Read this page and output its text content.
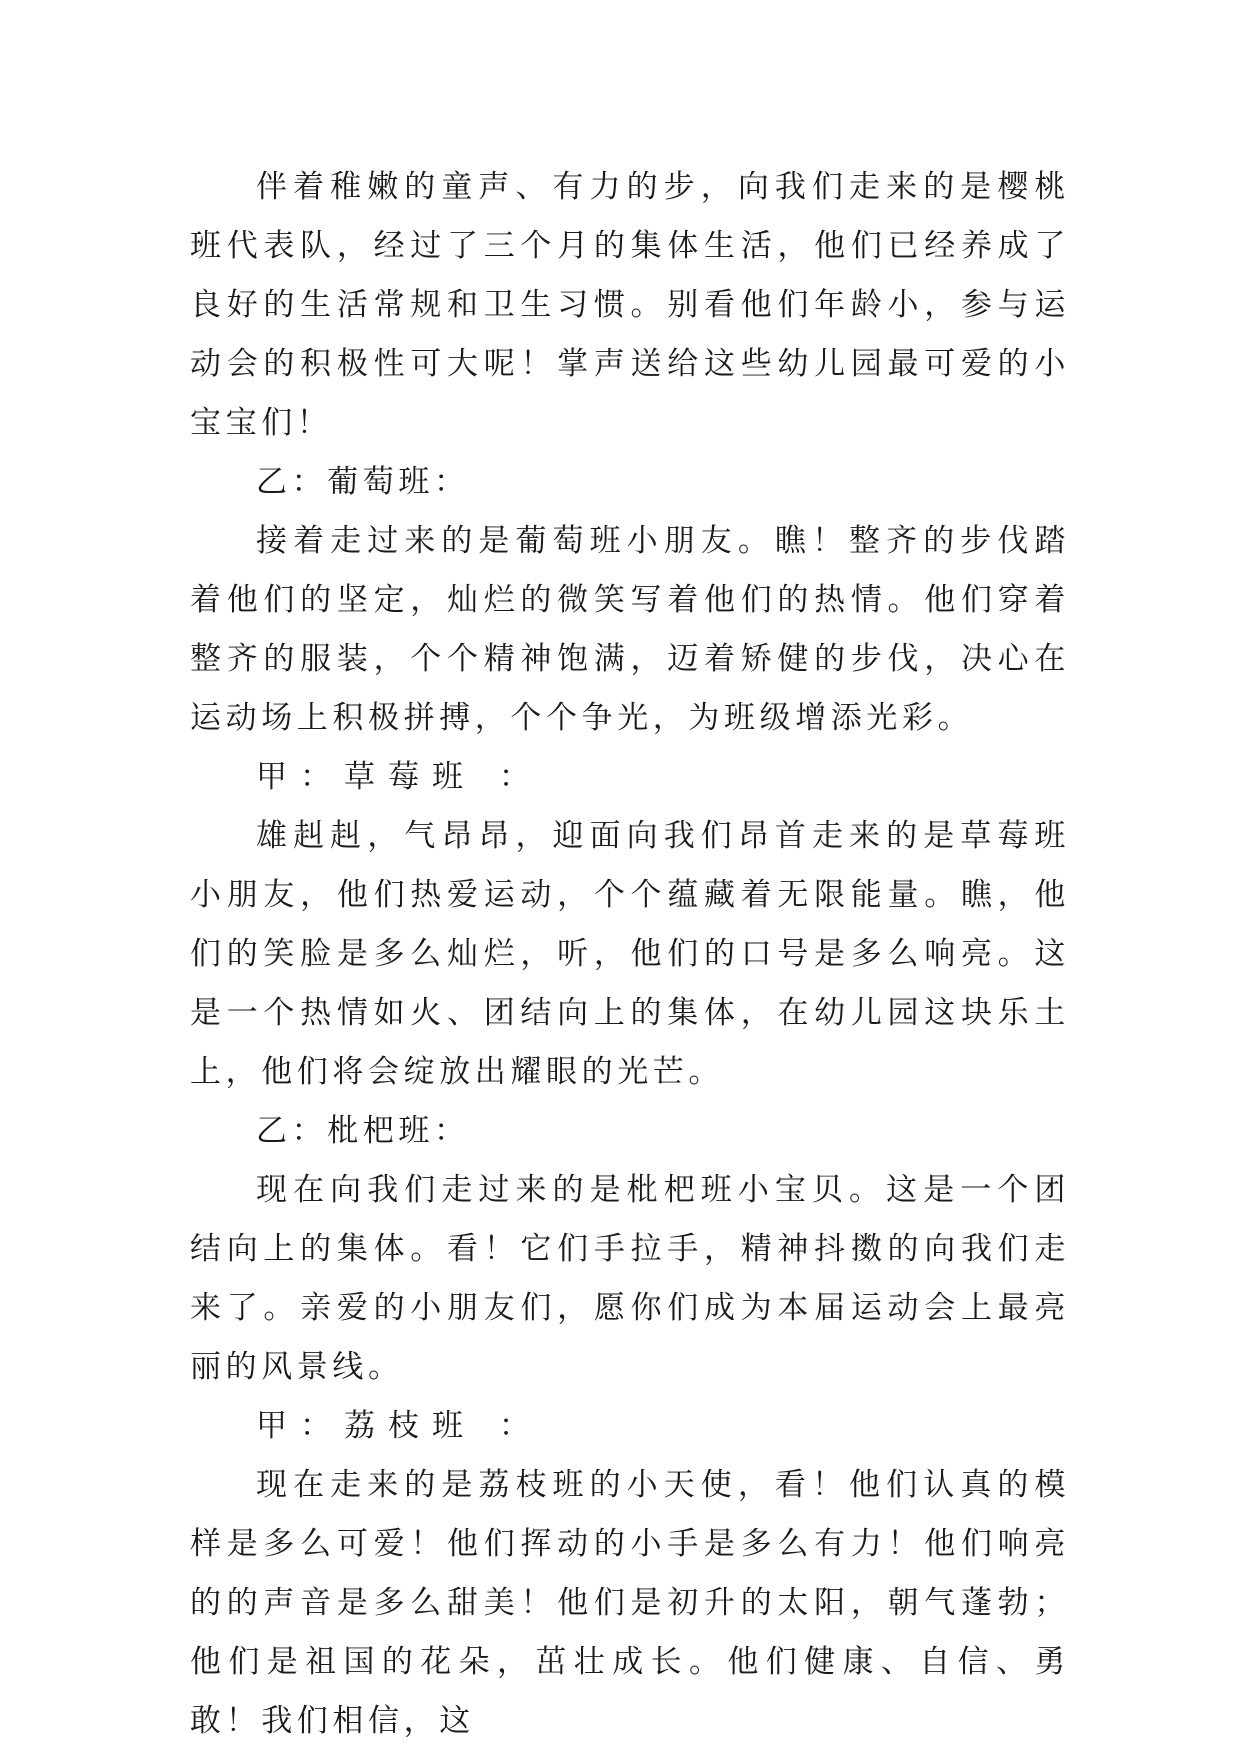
伴着稚嫩的童声、有力的步，向我们走来的是樱桃班代表队，经过了三个月的集体生活，他们已经养成了良好的生活常规和卫生习惯。别看他们年龄小，参与运动会的积极性可大呢！掌声送给这些幼儿园最可爱的小宝宝们！

乙：葡萄班：

接着走过来的是葡萄班小朋友。瞧！整齐的步伐踏着他们的坚定，灿烂的微笑写着他们的热情。他们穿着整齐的服装，个个精神饱满，迈着矫健的步伐，决心在运动场上积极拼搏，个个争光，为班级增添光彩。

甲：草莓班 ：

雄赳赳，气昂昂，迎面向我们昂首走来的是草莓班小朋友，他们热爱运动，个个蕴藏着无限能量。瞧，他们的笑脸是多么灿烂，听，他们的口号是多么响亮。这是一个热情如火、团结向上的集体，在幼儿园这块乐土上，他们将会绽放出耀眼的光芒。

乙：枇杷班：

现在向我们走过来的是枇杷班小宝贝。这是一个团结向上的集体。看！它们手拉手，精神抖擞的向我们走来了。亲爱的小朋友们，愿你们成为本届运动会上最亮丽的风景线。

甲：荔枝班 ：

现在走来的是荔枝班的小天使，看！他们认真的模样是多么可爱！他们挥动的小手是多么有力！他们响亮的的声音是多么甜美！他们是初升的太阳，朝气蓬勃；他们是祖国的花朵，茁壮成长。他们健康、自信、勇敢！我们相信，这
